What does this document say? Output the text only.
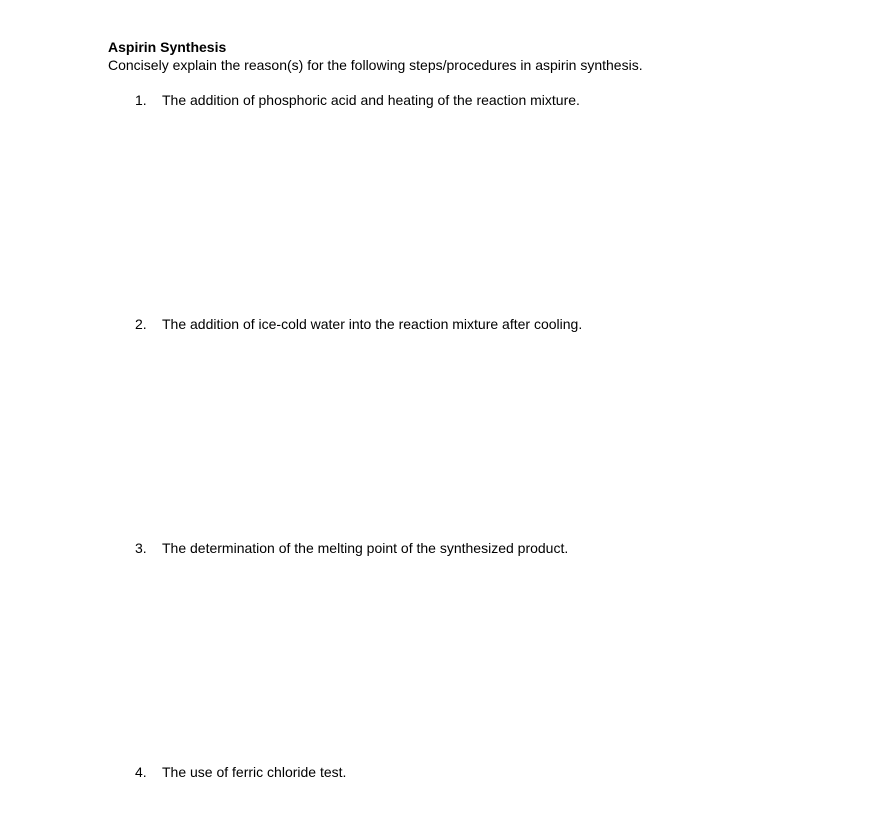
Aspirin Synthesis
Concisely explain the reason(s) for the following steps/procedures in aspirin synthesis.
1. The addition of phosphoric acid and heating of the reaction mixture.
2. The addition of ice-cold water into the reaction mixture after cooling.
3. The determination of the melting point of the synthesized product.
4. The use of ferric chloride test.
